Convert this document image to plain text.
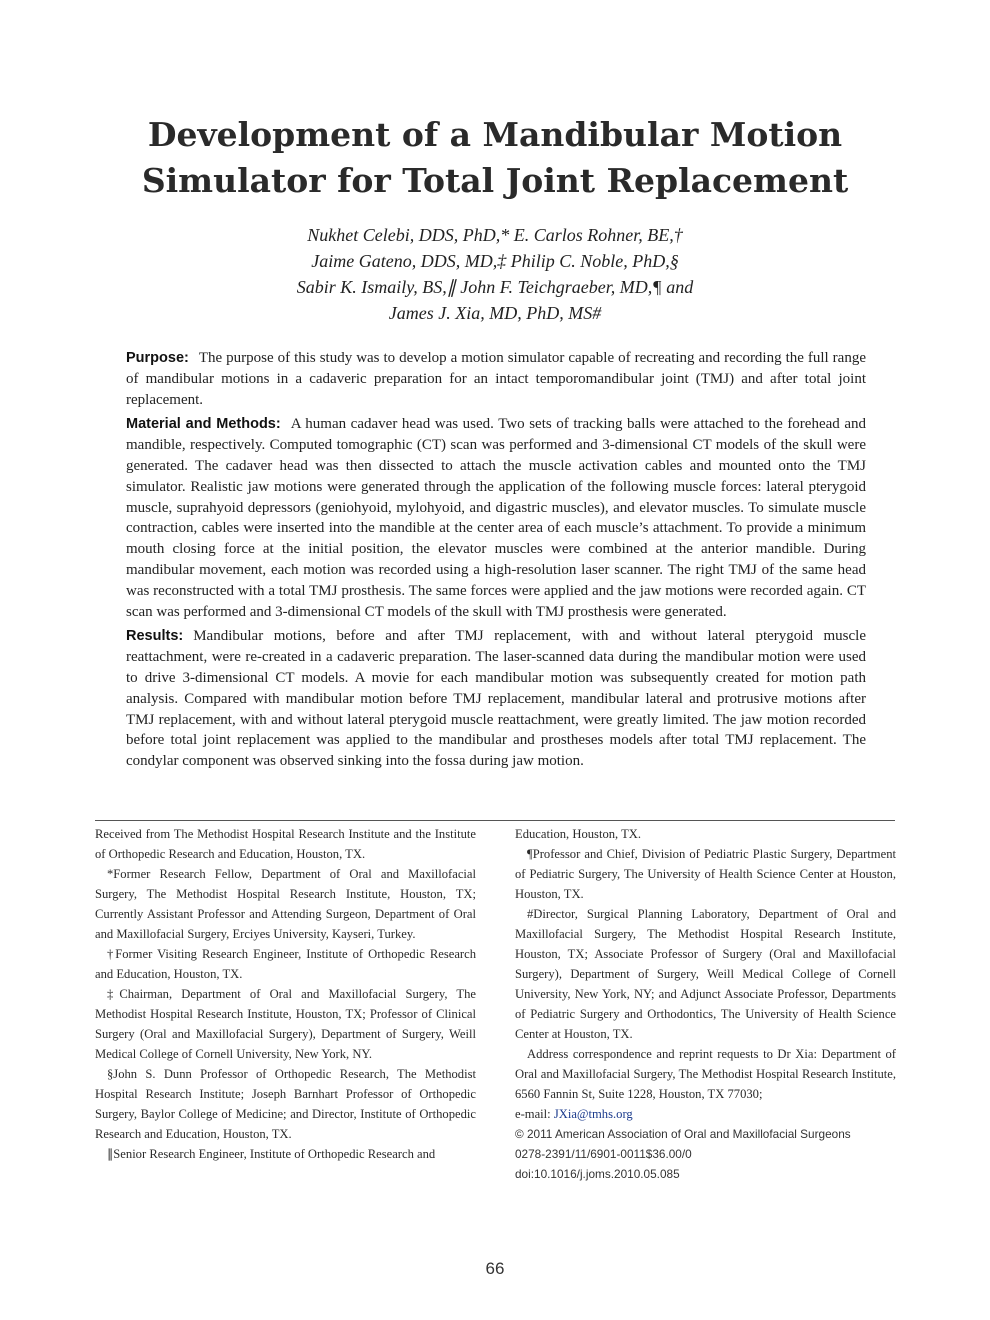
Development of a Mandibular Motion
Simulator for Total Joint Replacement
Nukhet Celebi, DDS, PhD,* E. Carlos Rohner, BE,†
Jaime Gateno, DDS, MD,‡ Philip C. Noble, PhD,§
Sabir K. Ismaily, BS,∥ John F. Teichgraeber, MD,¶ and
James J. Xia, MD, PhD, MS#

Purpose: The purpose of this study was to develop a motion simulator capable of recreating and recording the full range of mandibular motions in a cadaveric preparation for an intact temporomandibular joint (TMJ) and after total joint replacement.

Material and Methods: A human cadaver head was used. Two sets of tracking balls were attached to the forehead and mandible, respectively. Computed tomographic (CT) scan was performed and 3-dimensional CT models of the skull were generated. The cadaver head was then dissected to attach the muscle activation cables and mounted onto the TMJ simulator. Realistic jaw motions were generated through the application of the following muscle forces: lateral pterygoid muscle, suprahyoid depressors (geniohyoid, mylohyoid, and digastric muscles), and elevator muscles. To simulate muscle contraction, cables were inserted into the mandible at the center area of each muscle’s attachment. To provide a minimum mouth closing force at the initial position, the elevator muscles were combined at the anterior mandible. During mandibular movement, each motion was recorded using a high-resolution laser scanner. The right TMJ of the same head was reconstructed with a total TMJ prosthesis. The same forces were applied and the jaw motions were recorded again. CT scan was performed and 3-dimensional CT models of the skull with TMJ prosthesis were generated.

Results: Mandibular motions, before and after TMJ replacement, with and without lateral pterygoid muscle reattachment, were re-created in a cadaveric preparation. The laser-scanned data during the mandibular motion were used to drive 3-dimensional CT models. A movie for each mandibular motion was subsequently created for motion path analysis. Compared with mandibular motion before TMJ replacement, mandibular lateral and protrusive motions after TMJ replacement, with and without lateral pterygoid muscle reattachment, were greatly limited. The jaw motion recorded before total joint replacement was applied to the mandibular and prostheses models after total TMJ replacement. The condylar component was observed sinking into the fossa during jaw motion.

Received from The Methodist Hospital Research Institute and the Institute of Orthopedic Research and Education, Houston, TX.

*Former Research Fellow, Department of Oral and Maxillofacial Surgery, The Methodist Hospital Research Institute, Houston, TX; Currently Assistant Professor and Attending Surgeon, Department of Oral and Maxillofacial Surgery, Erciyes University, Kayseri, Turkey.

†Former Visiting Research Engineer, Institute of Orthopedic Research and Education, Houston, TX.

‡Chairman, Department of Oral and Maxillofacial Surgery, The Methodist Hospital Research Institute, Houston, TX; Professor of Clinical Surgery (Oral and Maxillofacial Surgery), Department of Surgery, Weill Medical College of Cornell University, New York, NY.

§John S. Dunn Professor of Orthopedic Research, The Methodist Hospital Research Institute; Joseph Barnhart Professor of Orthopedic Surgery, Baylor College of Medicine; and Director, Institute of Orthopedic Research and Education, Houston, TX.

∥Senior Research Engineer, Institute of Orthopedic Research and

Education, Houston, TX.

¶Professor and Chief, Division of Pediatric Plastic Surgery, Department of Pediatric Surgery, The University of Health Science Center at Houston, Houston, TX.

#Director, Surgical Planning Laboratory, Department of Oral and Maxillofacial Surgery, The Methodist Hospital Research Institute, Houston, TX; Associate Professor of Surgery (Oral and Maxillofacial Surgery), Department of Surgery, Weill Medical College of Cornell University, New York, NY; and Adjunct Associate Professor, Departments of Pediatric Surgery and Orthodontics, The University of Health Science Center at Houston, TX.

Address correspondence and reprint requests to Dr Xia: Department of Oral and Maxillofacial Surgery, The Methodist Hospital Research Institute, 6560 Fannin St, Suite 1228, Houston, TX 77030;

e-mail: JXia@tmhs.org

© 2011 American Association of Oral and Maxillofacial Surgeons

0278-2391/11/6901-0011$36.00/0

doi:10.1016/j.joms.2010.05.085

66
